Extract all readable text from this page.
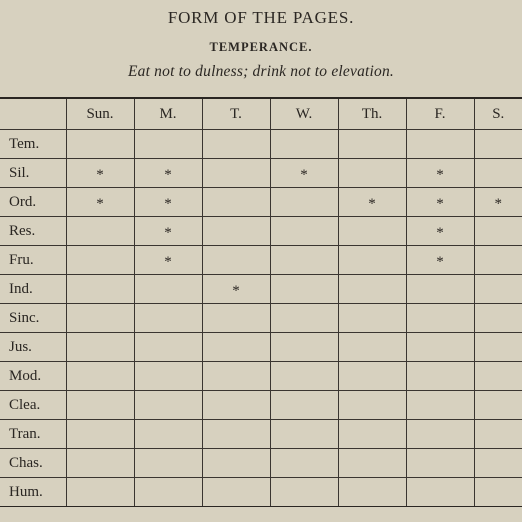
FORM OF THE PAGES.
TEMPERANCE.
Eat not to dulness; drink not to elevation.
	Sun.	M.	T.	W.	Th.	F.	S.
Tem.							
Sil.	*	*		*		*	
Ord.	*	*			*	*	*
Res.		*				*	
Fru.		*				*	
Ind.			*				
Sinc.							
Jus.							
Mod.							
Clea.							
Tran.							
Chas.							
Hum.							
